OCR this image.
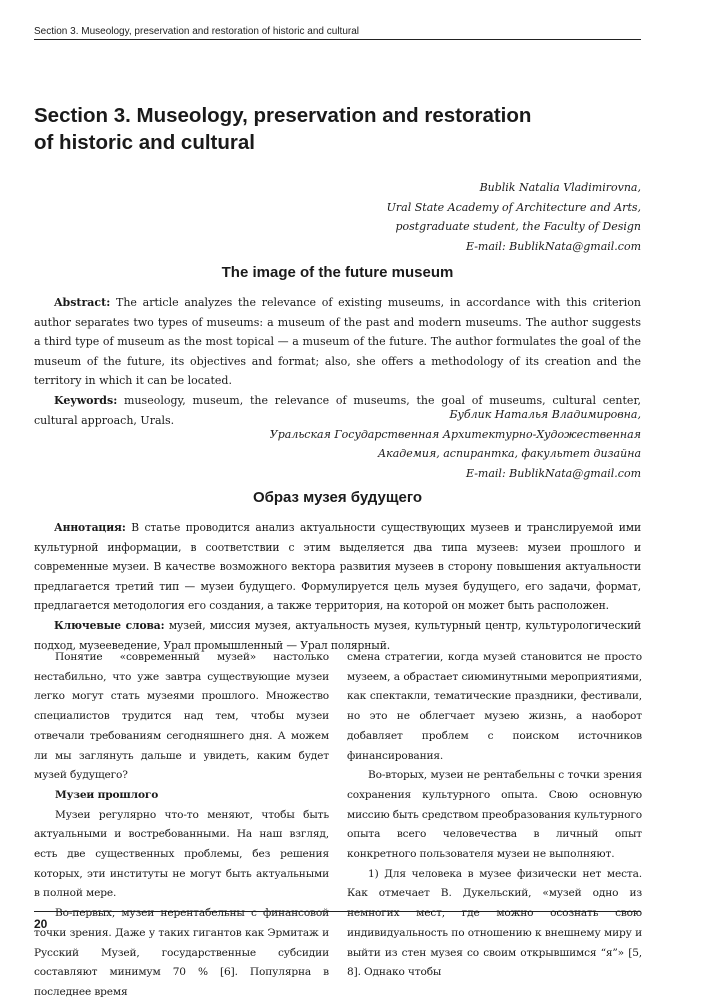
Section 3. Museology, preservation and restoration of historic and cultural
Section 3. Museology, preservation and restoration of historic and cultural
Bublik Natalia Vladimirovna,
Ural State Academy of Architecture and Arts,
postgraduate student, the Faculty of Design
E-mail: BublikNata@gmail.com
The image of the future museum

Abstract: The article analyzes the relevance of existing museums, in accordance with this criterion author separates two types of museums: a museum of the past and modern museums. The author suggests a third type of museum as the most topical — a museum of the future. The author formulates the goal of the museum of the future, its objectives and format; also, she offers a methodology of its creation and the territory in which it can be located.

Keywords: museology, museum, the relevance of museums, the goal of museums, cultural center, cultural approach, Urals.	Бублик Наталья Владимировна,
Уральская Государственная Архитектурно-Художественная
Академия, аспирантка, факультет дизайна
E-mail: BublikNata@gmail.com
Образ музея будущего

Аннотация: В статье проводится анализ актуальности существующих музеев и транслируемой ими культурной информации, в соответствии с этим выделяется два типа музеев: музеи прошлого и современные музеи. В качестве возможного вектора развития музеев в сторону повышения актуальности предлагается третий тип — музеи будущего. Формулируется цель музея будущего, его задачи, формат, предлагается методология его создания, а также территория, на которой он может быть расположен.

Ключевые слова: музей, миссия музея, актуальность музея, культурный центр, культурологический подход, музееведение, Урал промышленный — Урал полярный.

Понятие «современный музей» настолько нестабильно, что уже завтра существующие музеи легко могут стать музеями прошлого. Множество специалистов трудится над тем, чтобы музеи отвечали требованиям сегодняшнего дня. А можем ли мы заглянуть дальше и увидеть, каким будет музей будущего?

Музеи прошлого

Музеи регулярно что-то меняют, чтобы быть актуальными и востребованными. На наш взгляд, есть две существенных проблемы, без решения которых, эти институты не могут быть актуальными в полной мере.

Во-первых, музеи нерентабельны с финансовой точки зрения. Даже у таких гигантов как Эрмитаж и Русский Музей, государственные субсидии составляют минимум 70 % [6]. Популярна в последнее время

смена стратегии, когда музей становится не просто музеем, а обрастает сиюминутными мероприятиями, как спектакли, тематические праздники, фестивали, но это не облегчает музею жизнь, а наоборот добавляет проблем с поиском источников финансирования.

Во-вторых, музеи не рентабельны с точки зрения сохранения культурного опыта. Свою основную миссию быть средством преобразования культурного опыта всего человечества в личный опыт конкретного пользователя музеи не выполняют.

1) Для человека в музее физически нет места. Как отмечает В. Дукельский, «музей одно из немногих мест, где можно осознать свою индивидуальность по отношению к внешнему миру и выйти из стен музея со своим открывшимся “я”» [5, 8]. Однако чтобы

20
